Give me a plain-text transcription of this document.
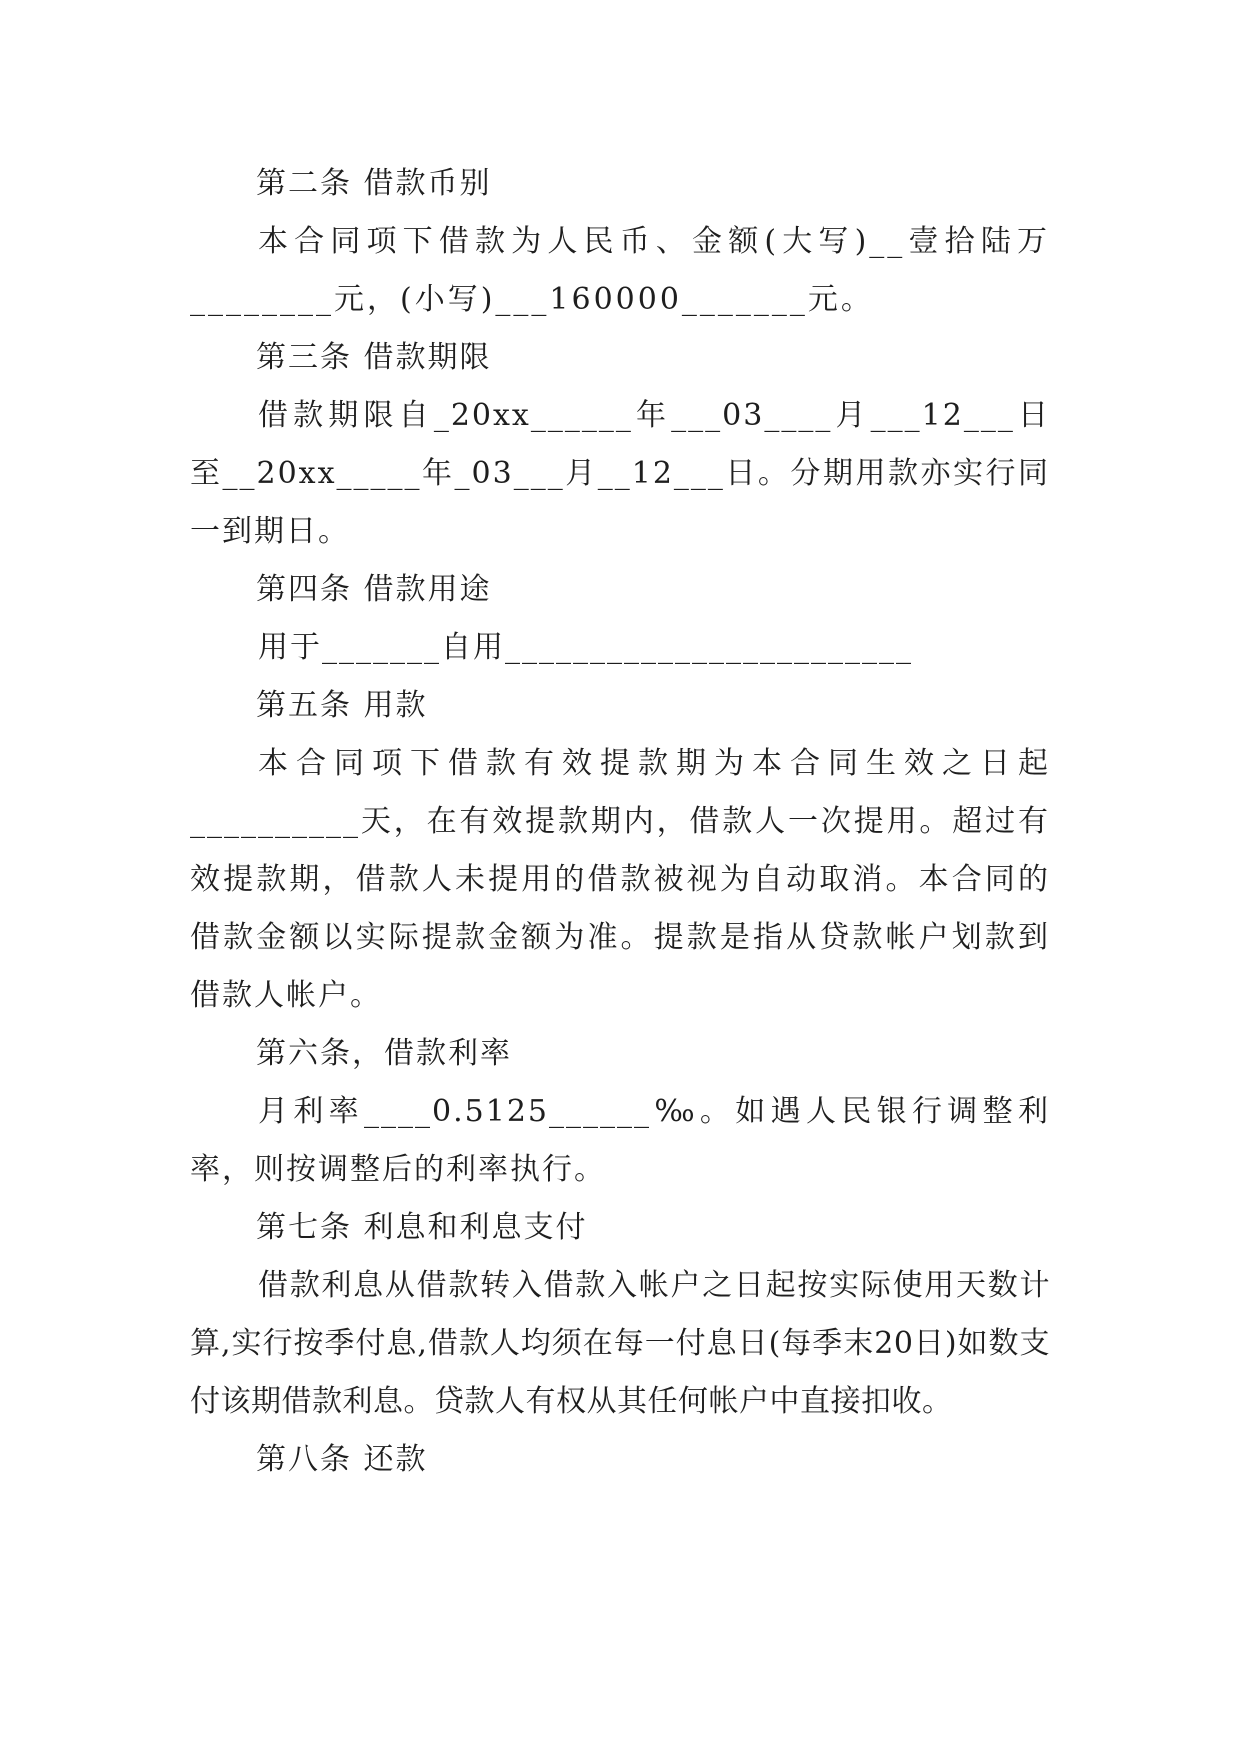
第二条 借款币别

本合同项下借款为人民币、金额(大写)__壹拾陆万________元，(小写)___160000_______元。

第三条 借款期限

借款期限自_20xx______年___03____月___12___日至__20xx_____年_03___月__12___日。分期用款亦实行同一到期日。

第四条 借款用途

用于_______自用________________________

第五条 用款

本合同项下借款有效提款期为本合同生效之日起__________天，在有效提款期内，借款人一次提用。超过有效提款期，借款人未提用的借款被视为自动取消。本合同的借款金额以实际提款金额为准。提款是指从贷款帐户划款到借款人帐户。

第六条，借款利率

月利率____0.5125______‰。如遇人民银行调整利率，则按调整后的利率执行。

第七条 利息和利息支付

借款利息从借款转入借款入帐户之日起按实际使用天数计算,实行按季付息,借款人均须在每一付息日(每季末20日)如数支付该期借款利息。贷款人有权从其任何帐户中直接扣收。

第八条 还款
